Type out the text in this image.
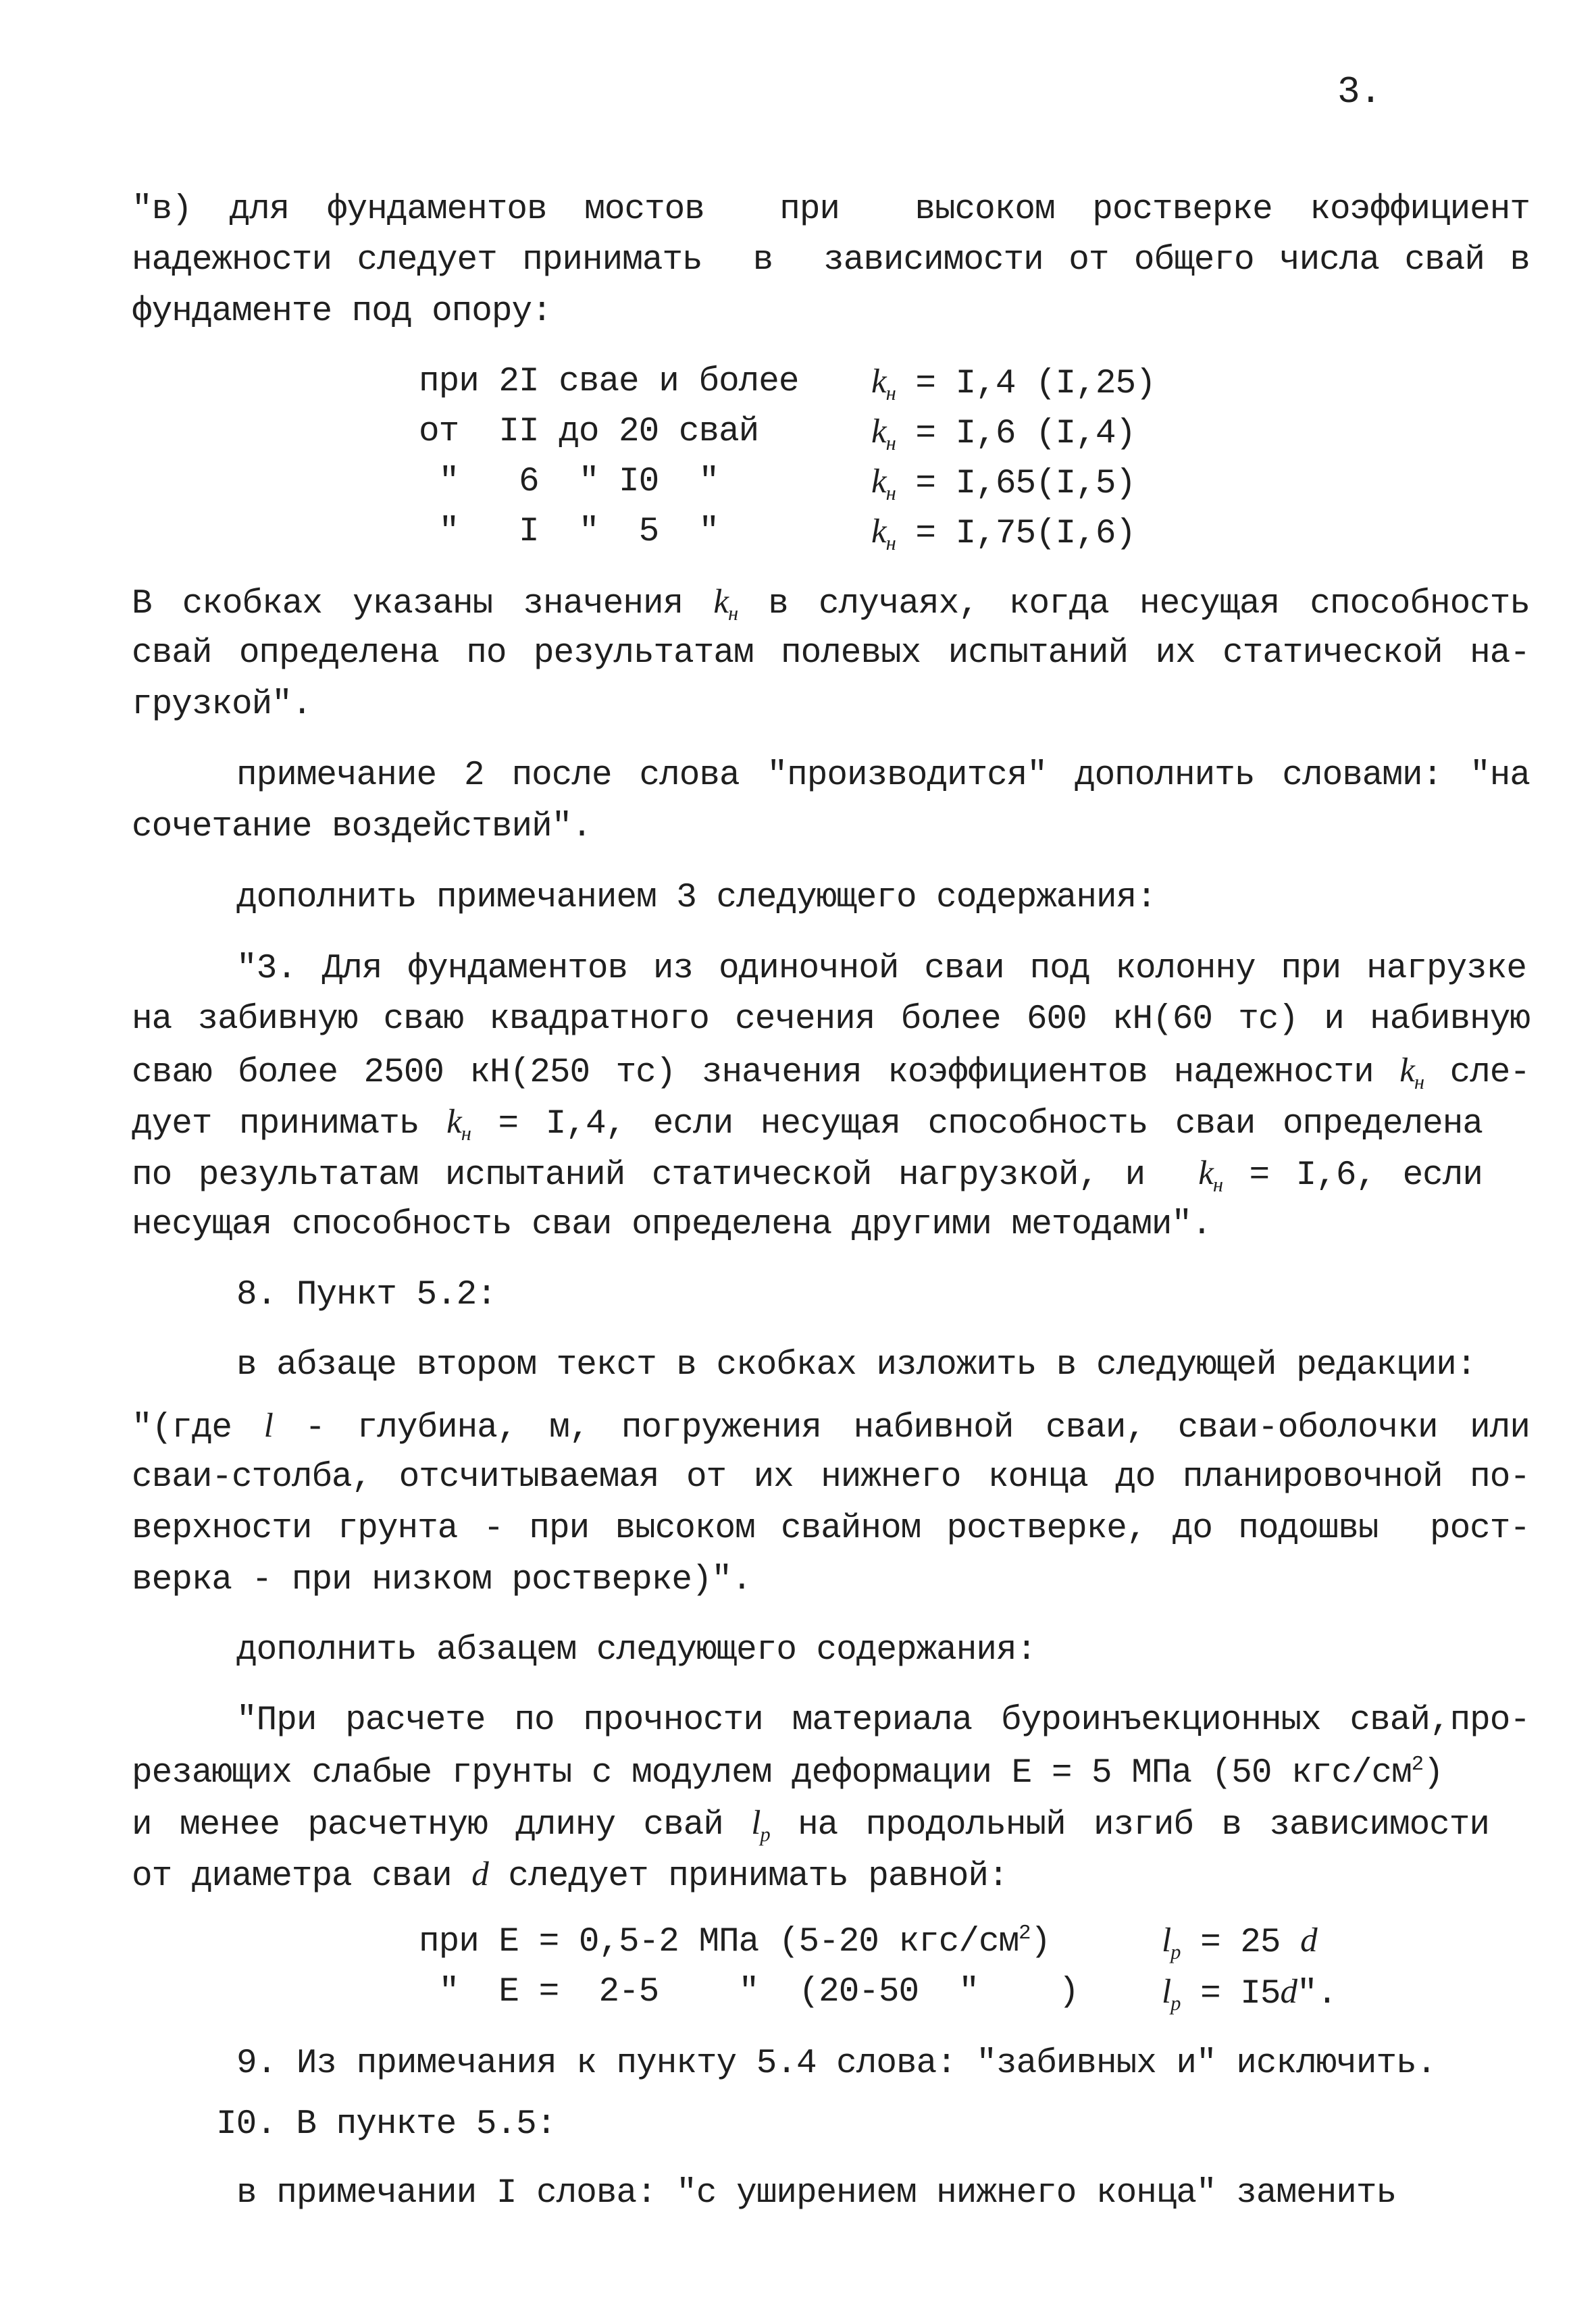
3.
"в) для фундаментов мостов  при  высоком ростверке коэффициент
надежности следует принимать  в  зависимости от общего числа свай в
фундаменте под опору:
при 2I свае и более $k_н = I,4$ (I,25)
от  II до 20 свай	$k_н = I,6$ (I,4)
"   6  " I0  "	$k_н = I,65(I,5)$
"   I  "  5  "	$k_н = I,75(I,6)$
В скобках указаны значения $k_н$ в случаях, когда несущая способность
свай определена по результатам полевых испытаний их статической на-
грузкой".
примечание 2 после слова "производится" дополнить словами: "на
сочетание воздействий".
дополнить примечанием 3 следующего содержания:
"3. Для фундаментов из одиночной сваи под колонну при нагрузке
на забивную сваю квадратного сечения более 600 кН(60 тс) и набивную
сваю более 2500 кН(250 тс) значения коэффициентов надежности $k_н$ сле-
дует принимать $k_н = I,4$, если несущая способность сваи определена
по результатам испытаний статической нагрузкой, и  $k_н = I,6$, если
несущая способность сваи определена другими методами".
8. Пункт 5.2:
в абзаце втором текст в скобках изложить в следующей редакции:
"(где l - глубина, м, погружения набивной сваи, сваи-оболочки или
сваи-столба, отсчитываемая от их нижнего конца до планировочной по-
верхности грунта - при высоком свайном ростверке, до подошвы  рост-
верка - при низком ростверке)".
дополнить абзацем следующего содержания:
"При расчете по прочности материала буроинъекционных свай,про-
резающих слабые грунты с модулем деформации Е = 5 МПа (50 кгс/$см^2$)
и менее расчетную длину свай $l_р$ на продольный изгиб в зависимости
от диаметра сваи d следует принимать равной:
при Е = 0,5-2 МПа (5-20 кгс/$см^2$)	$l_р = 25$ d
"  Е =  2-5    "  (20-50  "    ) $l_р = I5d$".
9. Из примечания к пункту 5.4 слова: "забивных и" исключить.
I0. В пункте 5.5:
в примечании I слова: "с уширением нижнего конца" заменить
